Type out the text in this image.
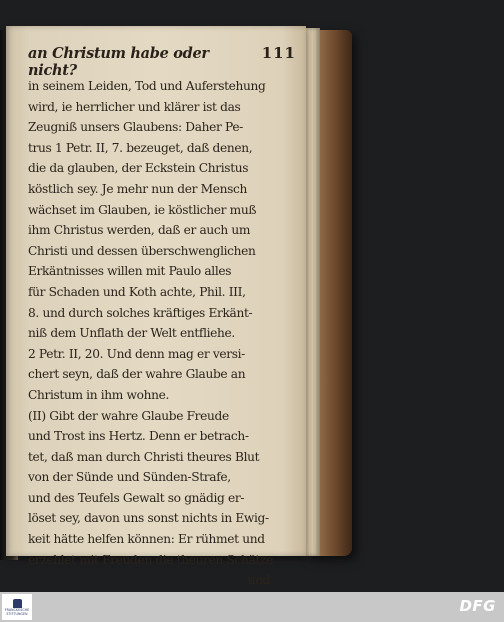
an Christum habe oder nicht?
111
in seinem Leiden, Tod und Auferstehung
wird, ie herrlicher und klärer ist das
Zeugniß unsers Glaubens: Daher Pe-
trus 1 Petr. II, 7. bezeuget, daß denen,
die da glauben, der Eckstein Christus
köstlich sey. Je mehr nun der Mensch
wächset im Glauben, ie köstlicher muß
ihm Christus werden, daß er auch um
Christi und dessen überschwenglichen
Erkäntnisses willen mit Paulo alles
für Schaden und Koth achte, Phil. III,
8. und durch solches kräftiges Erkänt-
niß dem Unflath der Welt entfliehe.
2 Petr. II, 20. Und denn mag er versi-
chert seyn, daß der wahre Glaube an
Christum in ihm wohne.
(II) Gibt der wahre Glaube Freude
und Trost ins Hertz. Denn er betrach-
tet, daß man durch Christi theures Blut
von der Sünde und Sünden-Strafe,
und des Teufels Gewalt so gnädig er-
löset sey, davon uns sonst nichts in Ewig-
keit hätte helfen können: Er rühmet und
erzehlet mit Freuden die theuren Schätze
und
FRANCKESCHE
STIFTUNGEN	DFG
